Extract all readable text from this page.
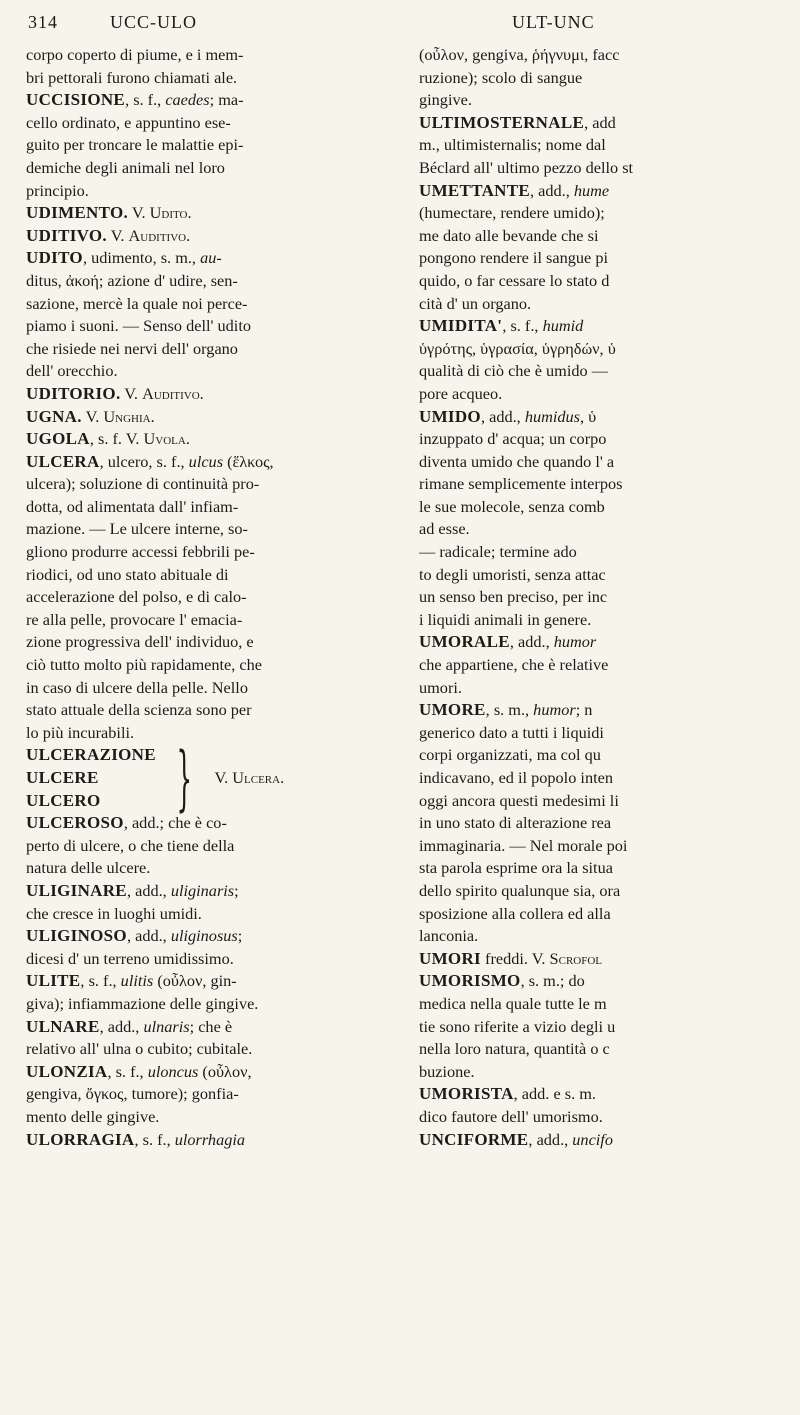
314	UCC-ULO	ULT-UNC

corpo coperto di piume, e i mem-

bri pettorali furono chiamati ale.

UCCISIONE, s. f., caedes; ma-

cello ordinato, e appuntino ese-

guito per troncare le malattie epi-

demiche degli animali nel loro

principio.

UDIMENTO. V. Udito.

UDITIVO. V. Auditivo.

UDITO, udimento, s. m., au-

ditus, ἀκοή; azione d' udire, sen-

sazione, mercè la quale noi perce-

piamo i suoni. — Senso dell' udito

che risiede nei nervi dell' organo

dell' orecchio.

UDITORIO. V. Auditivo.

UGNA. V. Unghia.

UGOLA, s. f. V. Uvola.

ULCERA, ulcero, s. f., ulcus (ἕλκος,

ulcera); soluzione di continuità pro-

dotta, od alimentata dall' infiam-

mazione. — Le ulcere interne, so-

gliono produrre accessi febbrili pe-

riodici, od uno stato abituale di

accelerazione del polso, e di calo-

re alla pelle, provocare l' emacia-

zione progressiva dell' individuo, e

ciò tutto molto più rapidamente, che

in caso di ulcere della pelle. Nello

stato attuale della scienza sono per

lo più incurabili.

ULCERAZIONE
ULCERE
ULCERO	} V. Ulcera.

ULCEROSO, add.; che è co-

perto di ulcere, o che tiene della

natura delle ulcere.

ULIGINARE, add., uliginaris;

che cresce in luoghi umidi.

ULIGINOSO, add., uliginosus;

dicesi d' un terreno umidissimo.

ULITE, s. f., ulitis (οὖλον, gin-

giva); infiammazione delle gingive.

ULNARE, add., ulnaris; che è

relativo all' ulna o cubito; cubitale.

ULONZIA, s. f., uloncus (οὖλον,

gengiva, ὄγκος, tumore); gonfia-

mento delle gingive.

ULORRAGIA, s. f., ulorrhagia

(οὖλον, gengiva, ῥήγνυμι, facc

ruzione); scolo di sangue

gingive.

ULTIMOSTERNALE, add

m., ultimisternalis; nome dal

Béclard all' ultimo pezzo dello st

UMETTANTE, add., hume

(humectare, rendere umido);

me dato alle bevande che si

pongono rendere il sangue pi

quido, o far cessare lo stato d

cità d' un organo.

UMIDITA', s. f., humid

ὑγρότης, ὑγρασία, ὑγρηδών, ὑ

qualità di ciò che è umido —

pore acqueo.

UMIDO, add., humidus, ὑ

inzuppato d' acqua; un corpo

diventa umido che quando l' a

rimane semplicemente interpos

le sue molecole, senza comb

ad esse.

— radicale; termine ado

to degli umoristi, senza attac

un senso ben preciso, per inc

i liquidi animali in genere.

UMORALE, add., humor

che appartiene, che è relative

umori.

UMORE, s. m., humor; n

generico dato a tutti i liquidi

corpi organizzati, ma col qu

indicavano, ed il popolo inten

oggi ancora questi medesimi li

in uno stato di alterazione rea

immaginaria. — Nel morale poi

sta parola esprime ora la situa

dello spirito qualunque sia, ora

sposizione alla collera ed alla

lanconia.

UMORI freddi. V. Scrofol

UMORISMO, s. m.; do

medica nella quale tutte le m

tie sono riferite a vizio degli u

nella loro natura, quantità o c

buzione.

UMORISTA, add. e s. m.

dicο fautore dell' umorismo.

UNCIFORME, add., uncifo
